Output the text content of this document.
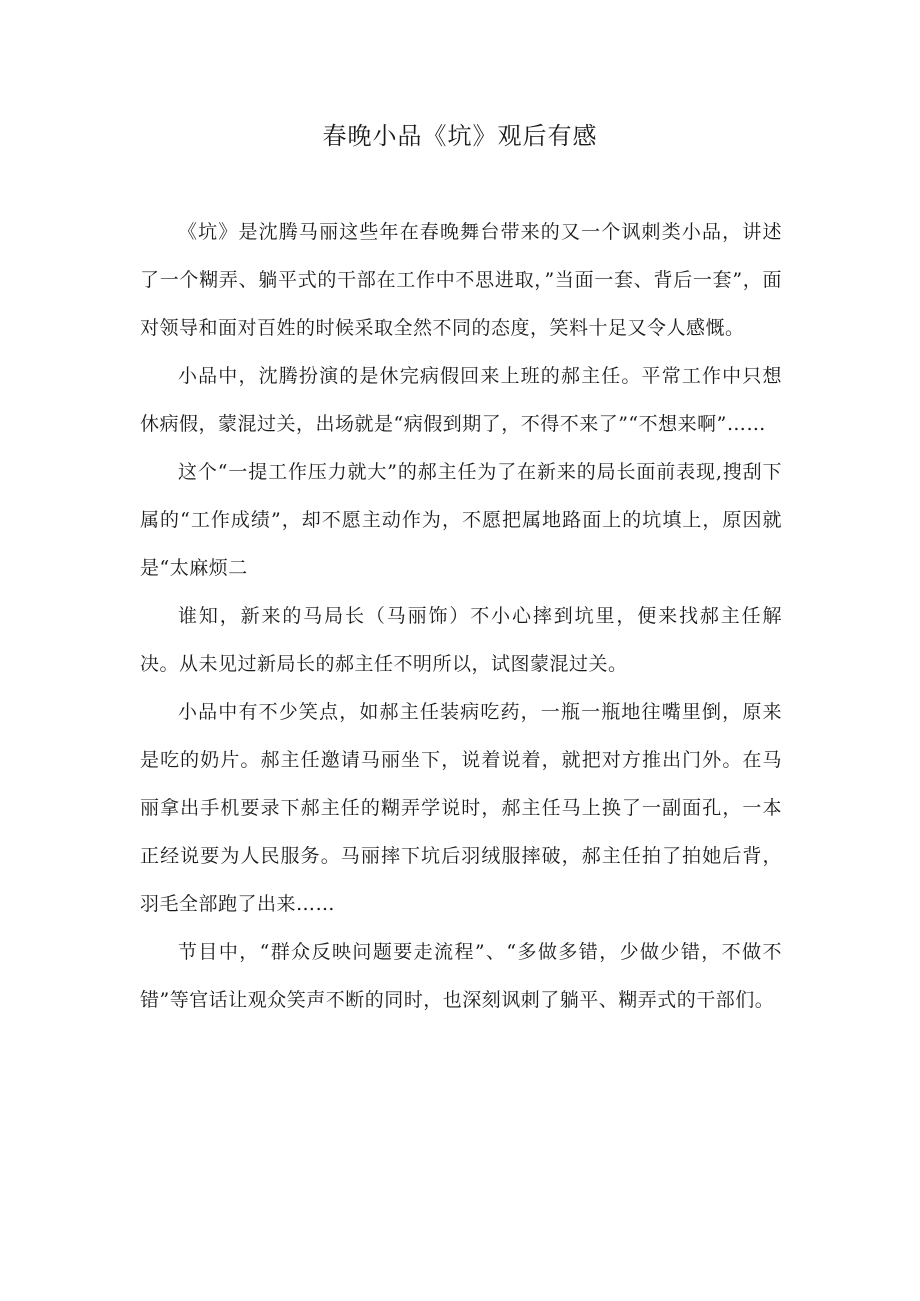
春晚小品《坑》观后有感

《坑》是沈腾马丽这些年在春晚舞台带来的又一个讽刺类小品，讲述了一个糊弄、躺平式的干部在工作中不思进取，”当面一套、背后一套”，面对领导和面对百姓的时候采取全然不同的态度，笑料十足又令人感慨。

小品中，沈腾扮演的是休完病假回来上班的郝主任。平常工作中只想休病假，蒙混过关，出场就是“病假到期了，不得不来了”“不想来啊”……

这个“一提工作压力就大”的郝主任为了在新来的局长面前表现,搜刮下属的“工作成绩”，却不愿主动作为，不愿把属地路面上的坑填上，原因就是“太麻烦二

谁知，新来的马局长（马丽饰）不小心摔到坑里，便来找郝主任解决。从未见过新局长的郝主任不明所以，试图蒙混过关。

小品中有不少笑点，如郝主任装病吃药，一瓶一瓶地往嘴里倒，原来是吃的奶片。郝主任邀请马丽坐下，说着说着，就把对方推出门外。在马丽拿出手机要录下郝主任的糊弄学说时，郝主任马上换了一副面孔，一本正经说要为人民服务。马丽摔下坑后羽绒服摔破，郝主任拍了拍她后背，羽毛全部跑了出来……

节目中，“群众反映问题要走流程”、“多做多错，少做少错，不做不错”等官话让观众笑声不断的同时，也深刻讽刺了躺平、糊弄式的干部们。
